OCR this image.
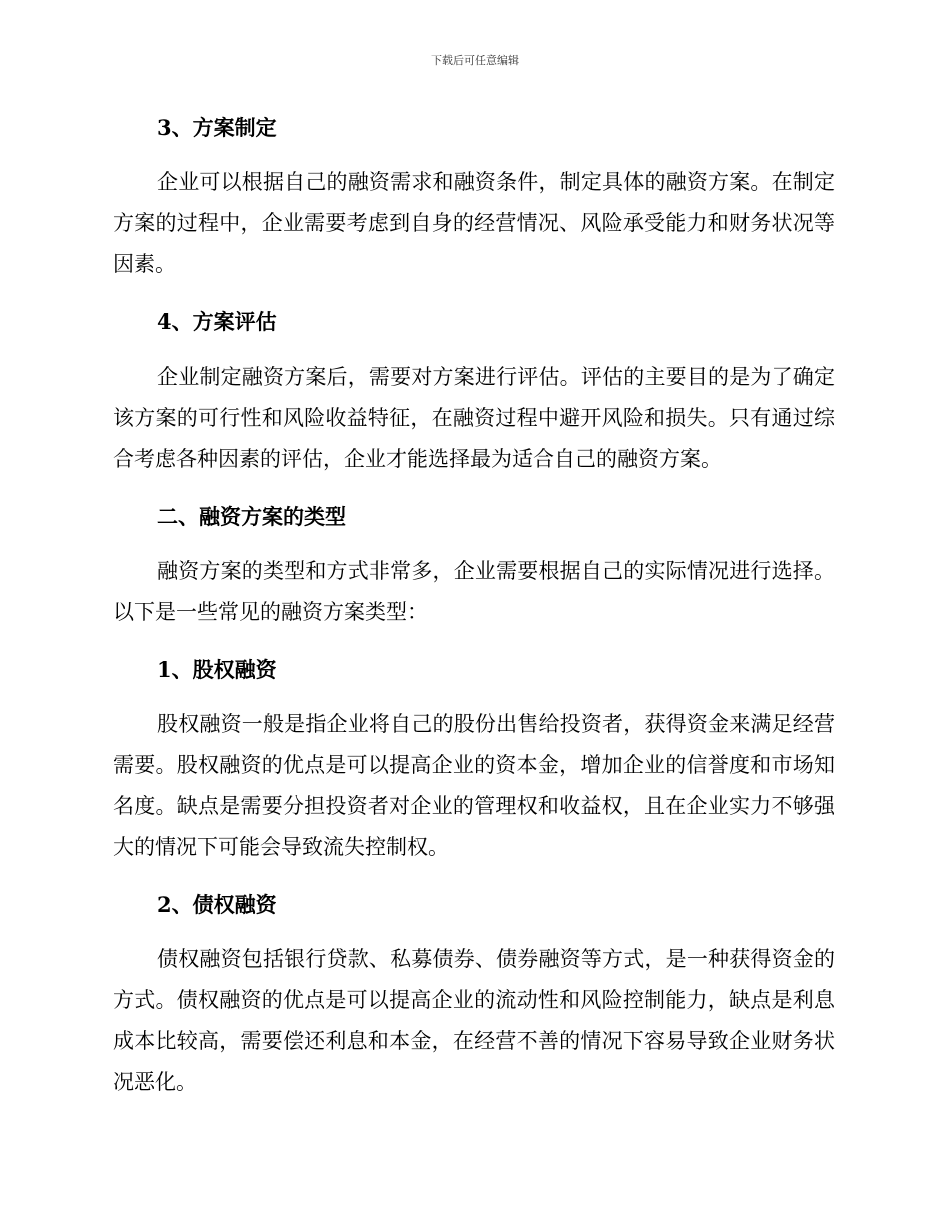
下载后可任意编辑
3、方案制定
企业可以根据自己的融资需求和融资条件，制定具体的融资方案。在制定方案的过程中，企业需要考虑到自身的经营情况、风险承受能力和财务状况等因素。
4、方案评估
企业制定融资方案后，需要对方案进行评估。评估的主要目的是为了确定该方案的可行性和风险收益特征，在融资过程中避开风险和损失。只有通过综合考虑各种因素的评估，企业才能选择最为适合自己的融资方案。
二、融资方案的类型
融资方案的类型和方式非常多，企业需要根据自己的实际情况进行选择。以下是一些常见的融资方案类型：
1、股权融资
股权融资一般是指企业将自己的股份出售给投资者，获得资金来满足经营需要。股权融资的优点是可以提高企业的资本金，增加企业的信誉度和市场知名度。缺点是需要分担投资者对企业的管理权和收益权，且在企业实力不够强大的情况下可能会导致流失控制权。
2、债权融资
债权融资包括银行贷款、私募债券、债券融资等方式，是一种获得资金的方式。债权融资的优点是可以提高企业的流动性和风险控制能力，缺点是利息成本比较高，需要偿还利息和本金，在经营不善的情况下容易导致企业财务状况恶化。
